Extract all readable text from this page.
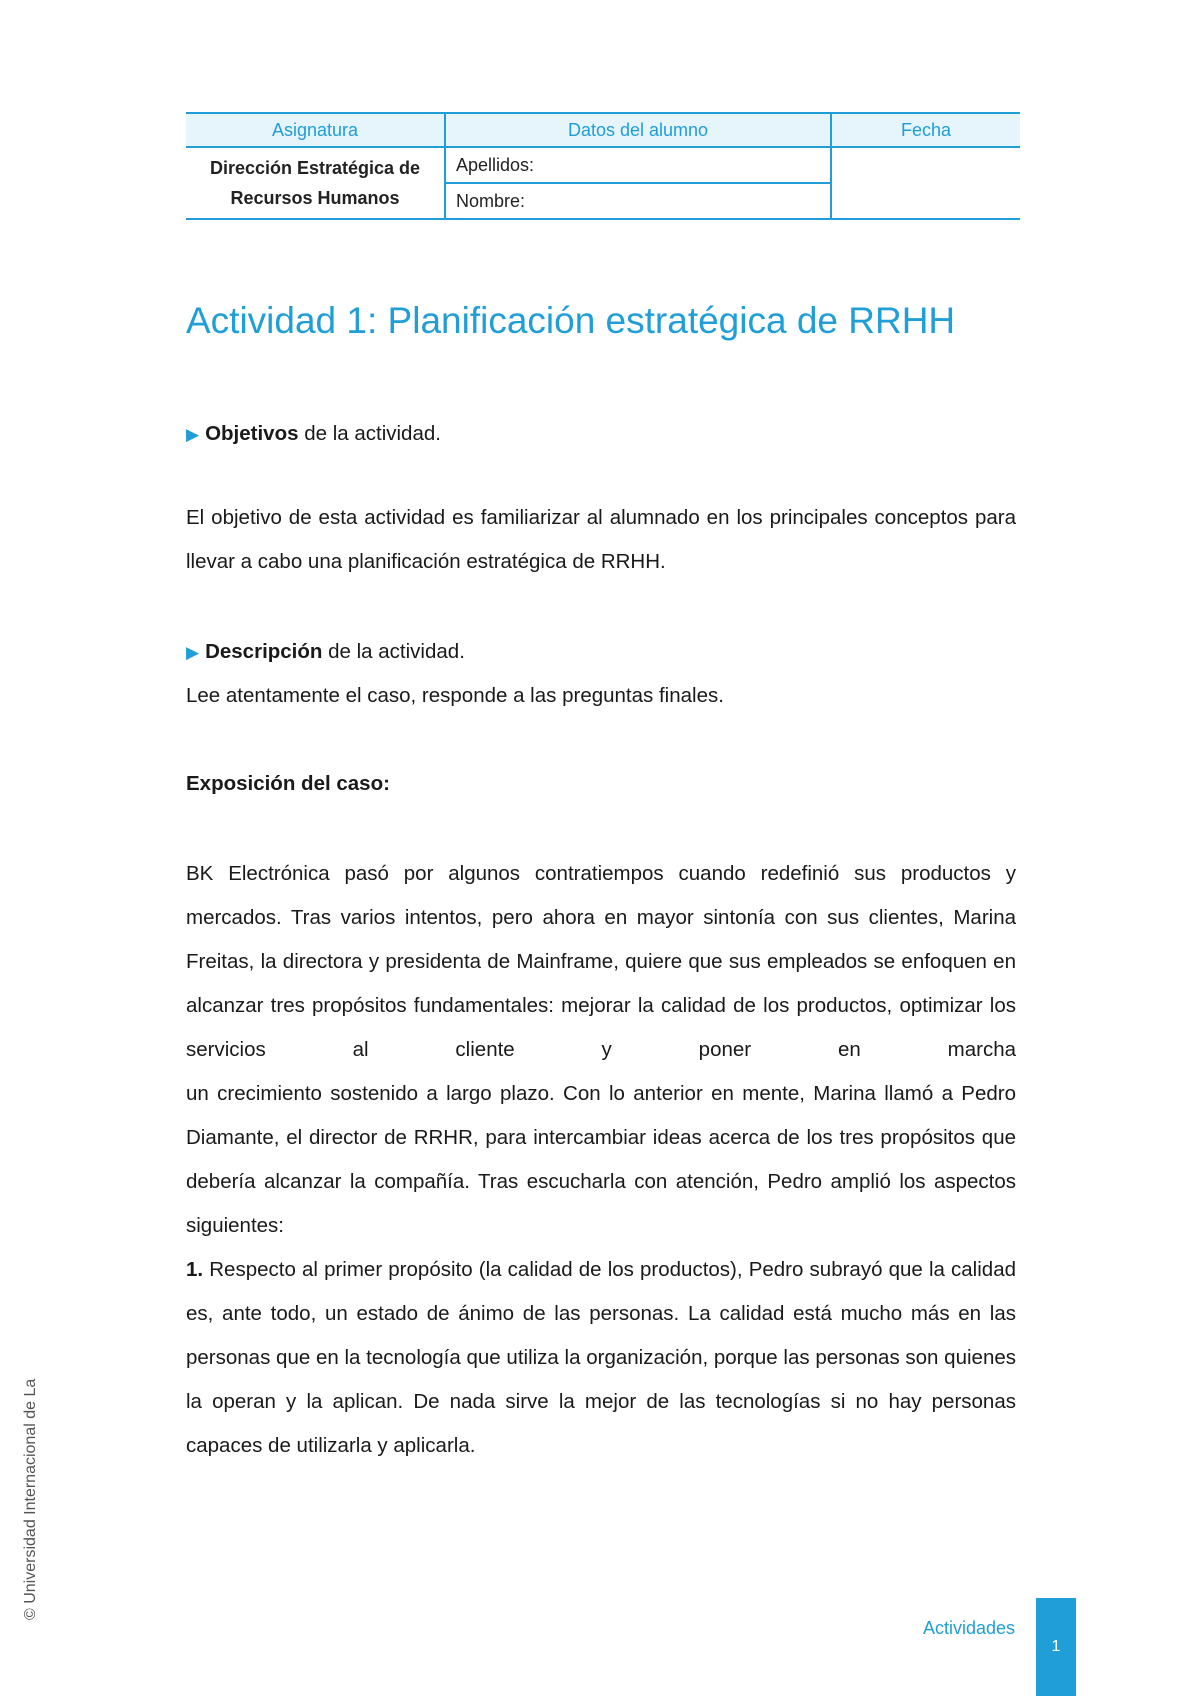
Asignatura	Datos del alumno	Fecha
Dirección Estratégica de Recursos Humanos	Apellidos:	
	Nombre:	
Actividad 1: Planificación estratégica de RRHH

▶ Objetivos de la actividad.

El objetivo de esta actividad es familiarizar al alumnado en los principales conceptos para llevar a cabo una planificación estratégica de RRHH.

▶ Descripción de la actividad.

Lee atentamente el caso, responde a las preguntas finales.

Exposición del caso:

BK Electrónica pasó por algunos contratiempos cuando redefinió sus productos y mercados. Tras varios intentos, pero ahora en mayor sintonía con sus clientes, Marina Freitas, la directora y presidenta de Mainframe, quiere que sus empleados se enfoquen en alcanzar tres propósitos fundamentales: mejorar la calidad de los productos, optimizar los servicios al cliente y poner en marcha
un crecimiento sostenido a largo plazo. Con lo anterior en mente, Marina llamó a Pedro Diamante, el director de RRHR, para intercambiar ideas acerca de los tres propósitos que debería alcanzar la compañía. Tras escucharla con atención, Pedro amplió los aspectos siguientes:
1. Respecto al primer propósito (la calidad de los productos), Pedro subrayó que la calidad es, ante todo, un estado de ánimo de las personas. La calidad está mucho más en las personas que en la tecnología que utiliza la organización, porque las personas son quienes la operan y la aplican. De nada sirve la mejor de las tecnologías si no hay personas capaces de utilizarla y aplicarla.
© Universidad Internacional de La
Actividades
1
